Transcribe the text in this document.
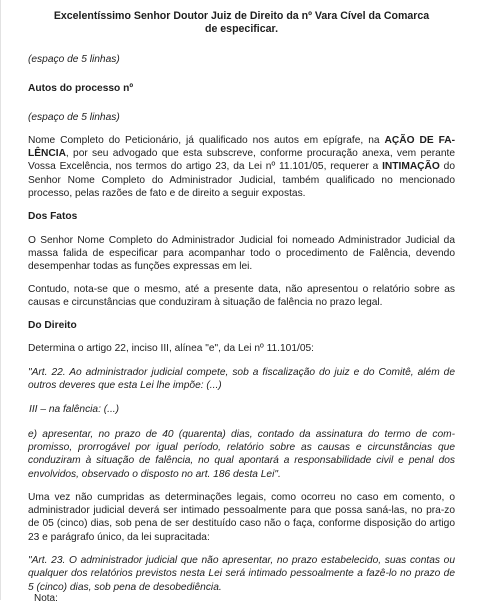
Excelentíssimo Senhor Doutor Juiz de Direito da nº Vara Cível da Comarca
de especificar.

(espaço de 5 linhas)

Autos do processo nº

(espaço de 5 linhas)

Nome Completo do Peticionário, já qualificado nos autos em epígrafe, na AÇÃO DE FA-LÊNCIA, por seu advogado que esta subscreve, conforme procuração anexa, vem perante Vossa Excelência, nos termos do artigo 23, da Lei nº 11.101/05, requerer a INTIMAÇÃO do Senhor Nome Completo do Administrador Judicial, também qualificado no mencionado processo, pelas razões de fato e de direito a seguir expostas.

Dos Fatos

O Senhor Nome Completo do Administrador Judicial foi nomeado Administrador Judicial da massa falida de especificar para acompanhar todo o procedimento de Falência, devendo desempenhar todas as funções expressas em lei.

Contudo, nota-se que o mesmo, até a presente data, não apresentou o relatório sobre as causas e circunstâncias que conduziram à situação de falência no prazo legal.

Do Direito

Determina o artigo 22, inciso III, alínea "e", da Lei nº 11.101/05:

"Art. 22. Ao administrador judicial compete, sob a fiscalização do juiz e do Comitê, além de outros deveres que esta Lei lhe impõe: (...)

III – na falência: (...)

e) apresentar, no prazo de 40 (quarenta) dias, contado da assinatura do termo de com-promisso, prorrogável por igual período, relatório sobre as causas e circunstâncias que conduziram à situação de falência, no qual apontará a responsabilidade civil e penal dos envolvidos, observado o disposto no art. 186 desta Lei".

Uma vez não cumpridas as determinações legais, como ocorreu no caso em comento, o administrador judicial deverá ser intimado pessoalmente para que possa saná-las, no pra-zo de 05 (cinco) dias, sob pena de ser destituído caso não o faça, conforme disposição do artigo 23 e parágrafo único, da lei supracitada:

"Art. 23. O administrador judicial que não apresentar, no prazo estabelecido, suas contas ou qualquer dos relatórios previstos nesta Lei será intimado pessoalmente a fazê-lo no prazo de 5 (cinco) dias, sob pena de desobediência.

Nota:
